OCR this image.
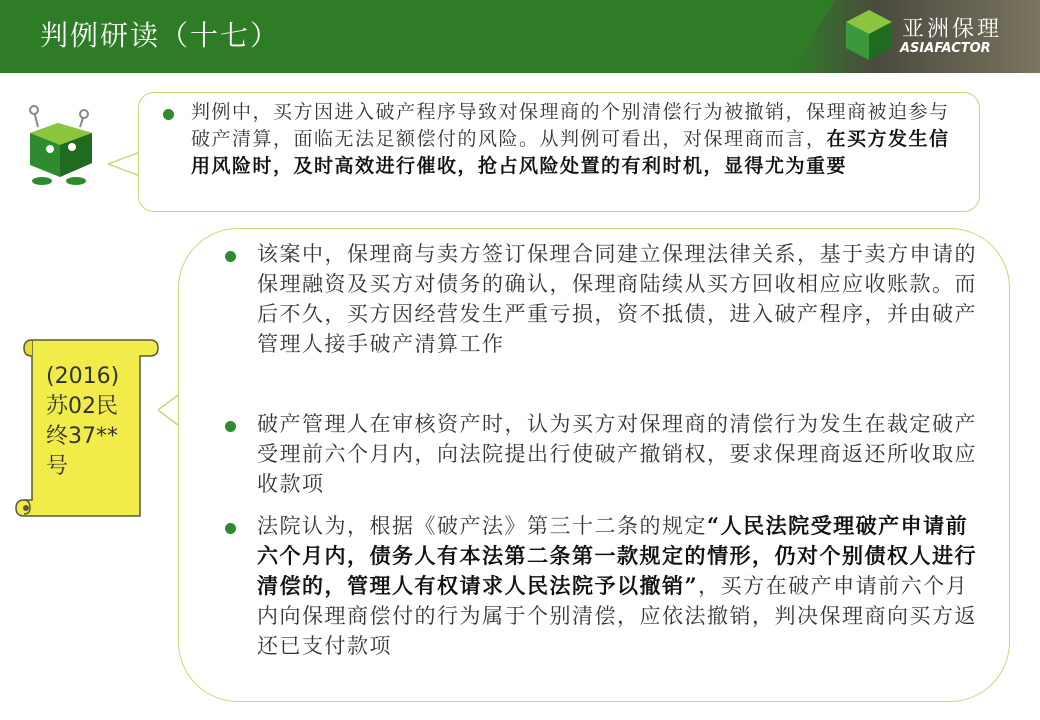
判例研读（十七）	亚洲保理
ASIAFACTOR
判例中，买方因进入破产程序导致对保理商的个别清偿行为被撤销，保理商被迫参与破产清算，面临无法足额偿付的风险。从判例可看出，对保理商而言，在买方发生信用风险时，及时高效进行催收，抢占风险处置的有利时机，显得尤为重要
(2016)
苏02民
终37**
号
该案中，保理商与卖方签订保理合同建立保理法律关系，基于卖方申请的保理融资及买方对债务的确认，保理商陆续从买方回收相应应收账款。而后不久，买方因经营发生严重亏损，资不抵债，进入破产程序，并由破产管理人接手破产清算工作
破产管理人在审核资产时，认为买方对保理商的清偿行为发生在裁定破产受理前六个月内，向法院提出行使破产撤销权，要求保理商返还所收取应收款项
法院认为，根据《破产法》第三十二条的规定“人民法院受理破产申请前六个月内，债务人有本法第二条第一款规定的情形，仍对个别债权人进行清偿的，管理人有权请求人民法院予以撤销”，买方在破产申请前六个月内向保理商偿付的行为属于个别清偿，应依法撤销，判决保理商向买方返还已支付款项
